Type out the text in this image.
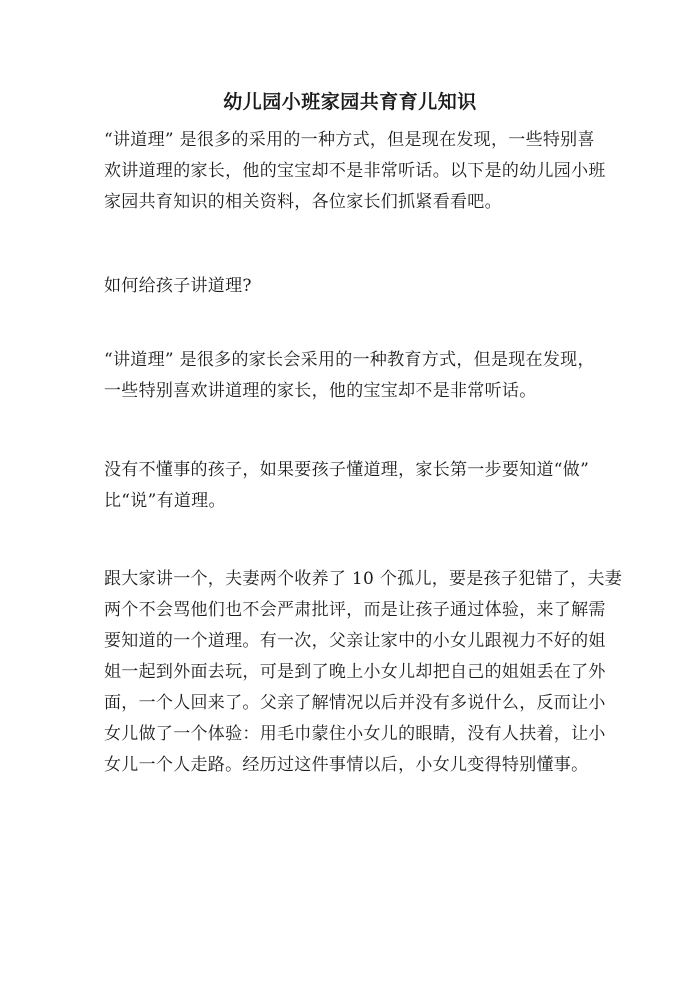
幼儿园小班家园共育育儿知识
“讲道理” 是很多的采用的一种方式，但是现在发现，一些特别喜
欢讲道理的家长，他的宝宝却不是非常听话。以下是的幼儿园小班
家园共育知识的相关资料，各位家长们抓紧看看吧。
如何给孩子讲道理?
“讲道理” 是很多的家长会采用的一种教育方式，但是现在发现，
一些特别喜欢讲道理的家长，他的宝宝却不是非常听话。
没有不懂事的孩子，如果要孩子懂道理，家长第一步要知道“做”
比“说”有道理。
跟大家讲一个，夫妻两个收养了 10 个孤儿，要是孩子犯错了，夫妻
两个不会骂他们也不会严肃批评，而是让孩子通过体验，来了解需
要知道的一个道理。有一次，父亲让家中的小女儿跟视力不好的姐
姐一起到外面去玩，可是到了晚上小女儿却把自己的姐姐丢在了外
面，一个人回来了。父亲了解情况以后并没有多说什么，反而让小
女儿做了一个体验：用毛巾蒙住小女儿的眼睛，没有人扶着，让小
女儿一个人走路。经历过这件事情以后，小女儿变得特别懂事。
